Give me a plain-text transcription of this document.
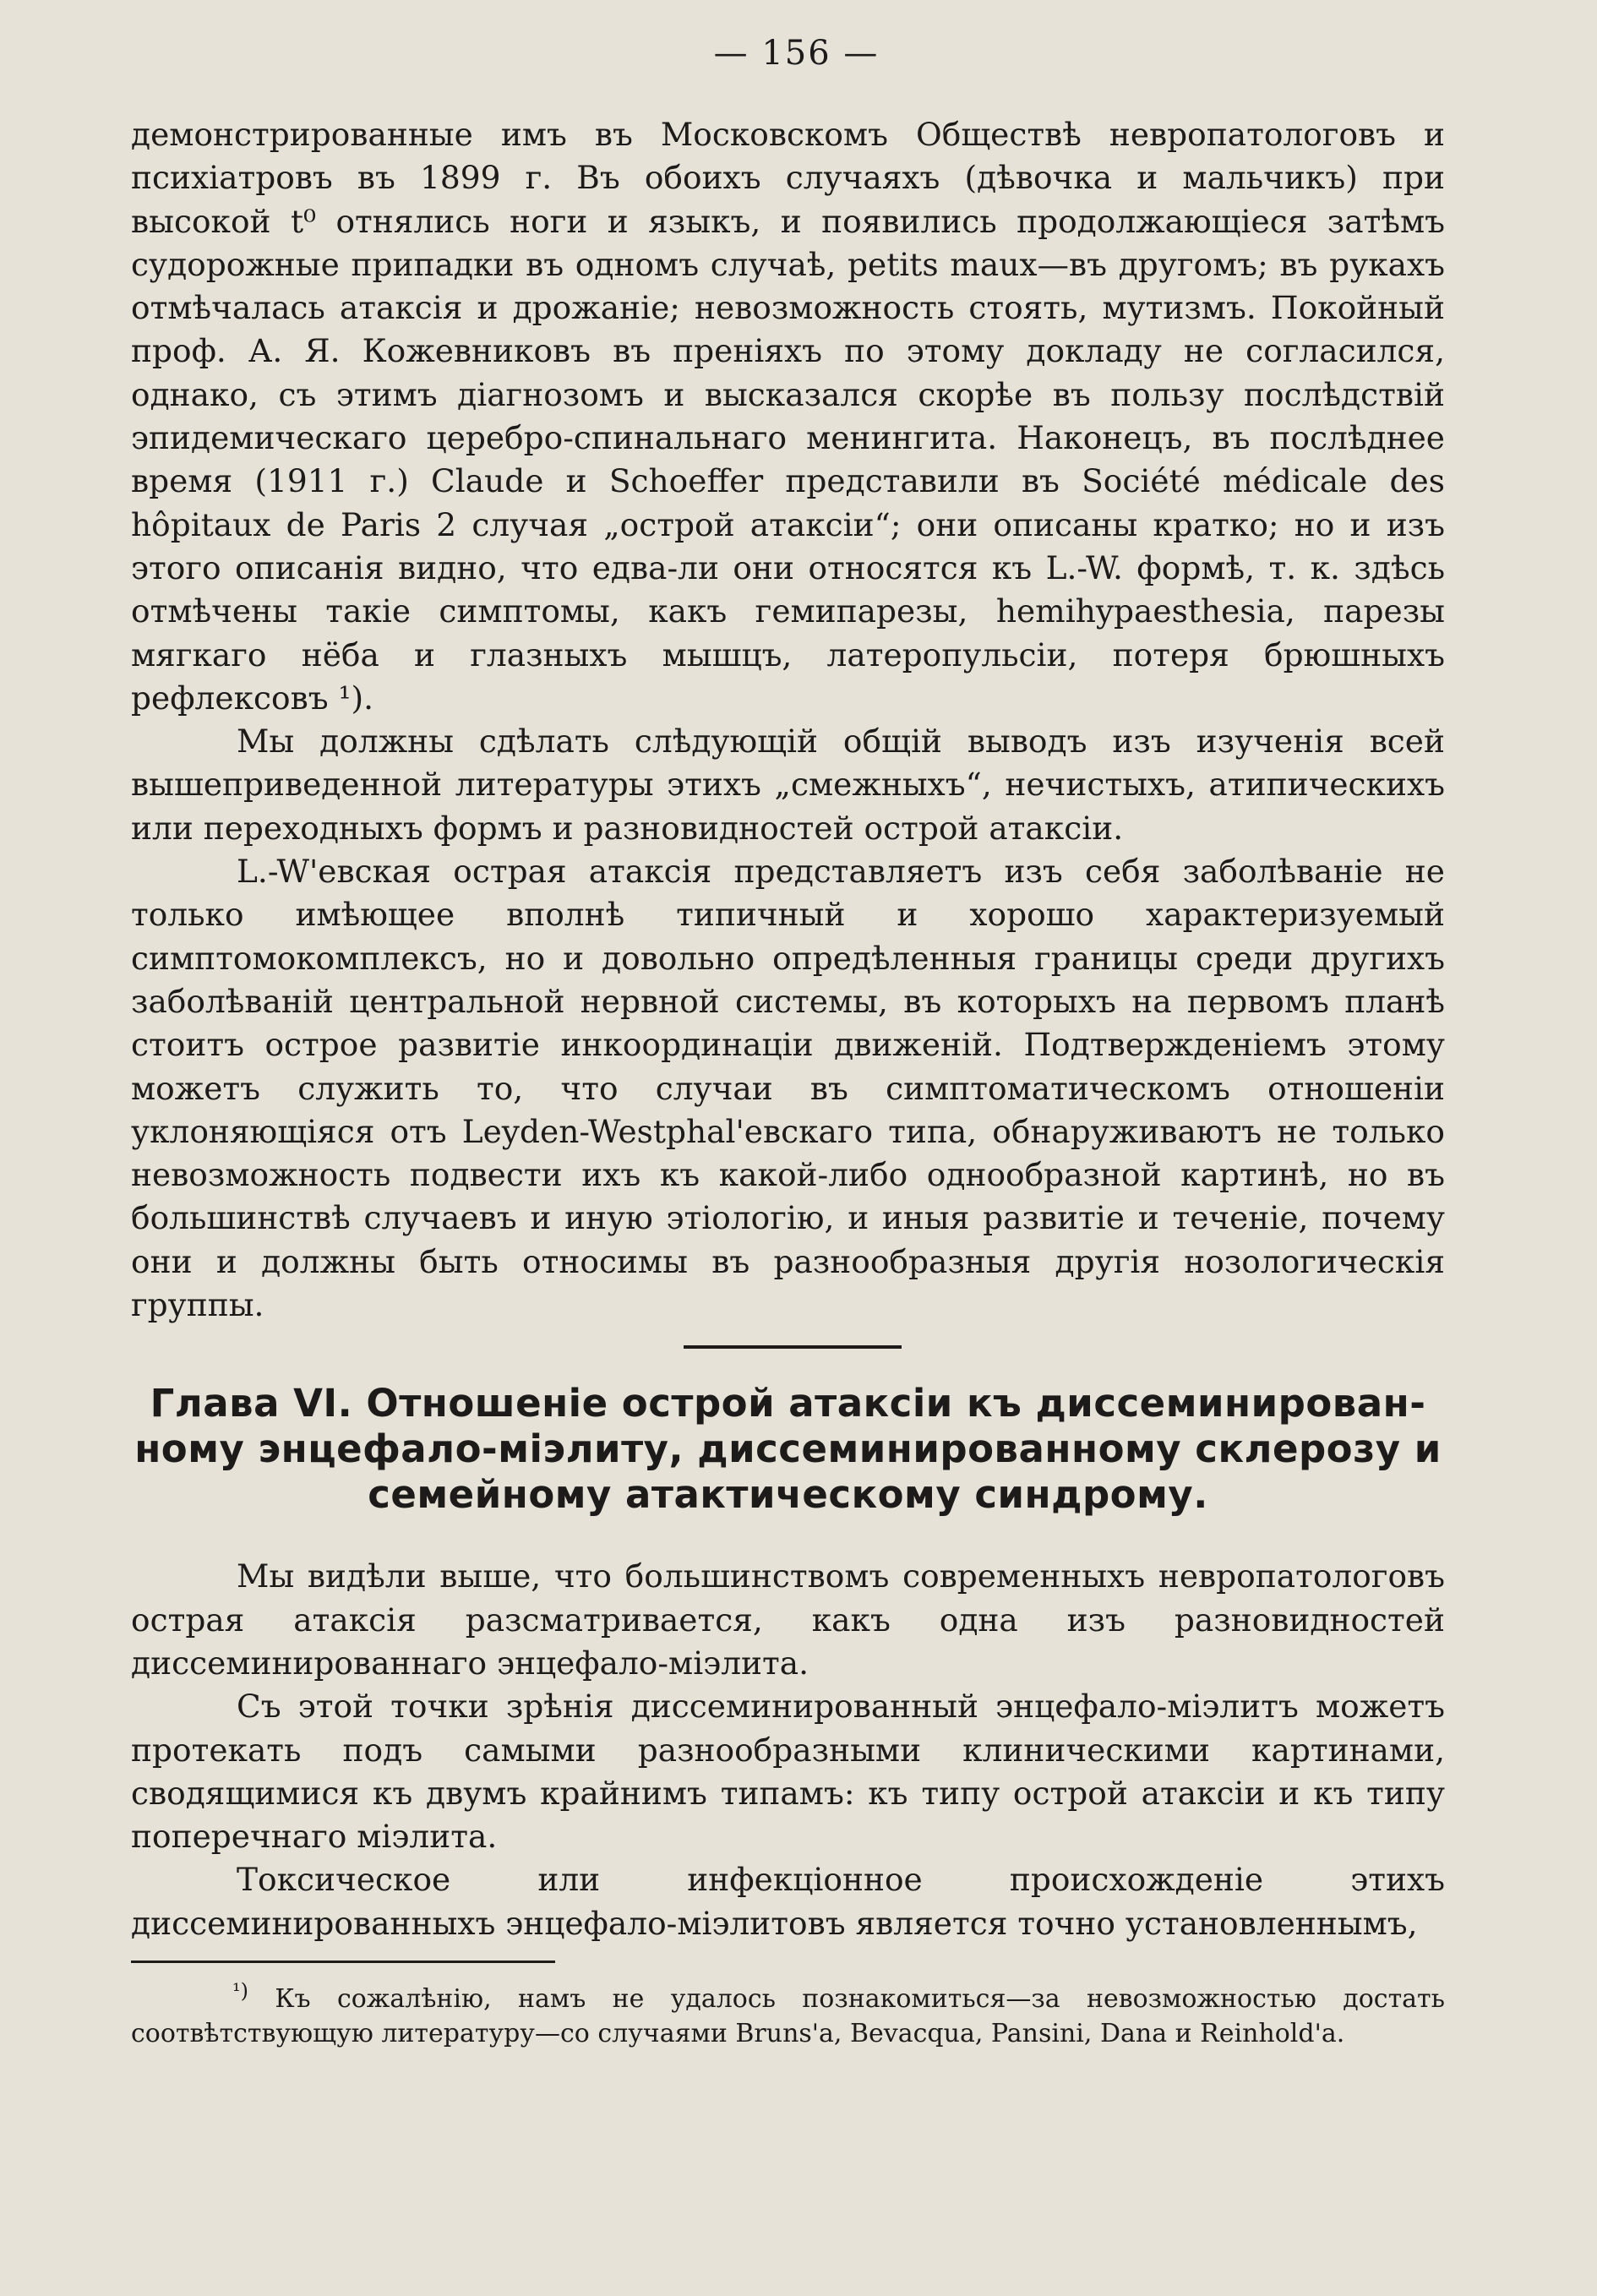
— 156 —

демонстрированные имъ въ Московскомъ Обществѣ невропатологовъ и психіатровъ въ 1899 г. Въ обоихъ случаяхъ (дѣвочка и мальчикъ) при высокой t⁰ отнялись ноги и языкъ, и появились продолжающіеся затѣмъ судорожные припадки въ одномъ случаѣ, petits maux—въ другомъ; въ рукахъ отмѣчалась атаксія и дрожаніе; невозможность стоять, мутизмъ. Покойный проф. А. Я. Кожевниковъ въ преніяхъ по этому докладу не согласился, однако, съ этимъ діагнозомъ и высказался скорѣе въ пользу послѣдствій эпидемическаго церебро-спинальнаго менингита. Наконецъ, въ послѣднее время (1911 г.) Claude и Schoeffer представили въ Société médicale des hôpitaux de Paris 2 случая „острой атаксіи“; они описаны кратко; но и изъ этого описанія видно, что едва-ли они относятся къ L.-W. формѣ, т. к. здѣсь отмѣчены такіе симптомы, какъ гемипарезы, hemihypaesthesia, парезы мягкаго нёба и глазныхъ мышцъ, латеропульсіи, потеря брюшныхъ рефлексовъ ¹).

Мы должны сдѣлать слѣдующій общій выводъ изъ изученія всей вышеприведенной литературы этихъ „смежныхъ“, нечистыхъ, атипическихъ или переходныхъ формъ и разновидностей острой атаксіи.

L.-W'евская острая атаксія представляетъ изъ себя заболѣваніе не только имѣющее вполнѣ типичный и хорошо характеризуемый симптомокомплексъ, но и довольно опредѣленныя границы среди другихъ заболѣваній центральной нервной системы, въ которыхъ на первомъ планѣ стоитъ острое развитіе инкоординаціи движеній. Подтвержденіемъ этому можетъ служить то, что случаи въ симптоматическомъ отношеніи уклоняющіяся отъ Leyden-Westphal'евскаго типа, обнаруживаютъ не только невозможность подвести ихъ къ какой-либо однообразной картинѣ, но въ большинствѣ случаевъ и иную этіологію, и иныя развитіе и теченіе, почему они и должны быть относимы въ разнообразныя другія нозологическія группы.

Глава VI. Отношеніе острой атаксіи къ диссеминирован-
ному энцефало-міэлиту, диссеминированному склерозу и
семейному атактическому синдрому.

Мы видѣли выше, что большинствомъ современныхъ невропатологовъ острая атаксія разсматривается, какъ одна изъ разновидностей диссеминированнаго энцефало-міэлита.

Съ этой точки зрѣнія диссеминированный энцефало-міэлитъ можетъ протекать подъ самыми разнообразными клиническими картинами, сводящимися къ двумъ крайнимъ типамъ: къ типу острой атаксіи и къ типу поперечнаго міэлита.

Токсическое или инфекціонное происхожденіе этихъ диссеминированныхъ энцефало-міэлитовъ является точно установленнымъ,

$^{^1)}$ Къ сожалѣнію, намъ не удалось познакомиться—за невозможностью достать соотвѣтствующую литературу—со случаями Bruns'a, Bevacqua, Pansini, Dana и Reinhold'a.
